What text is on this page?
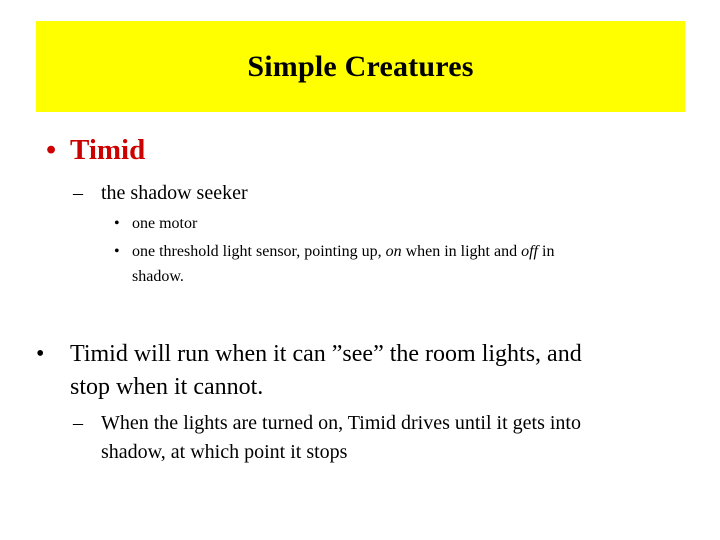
Simple Creatures
• Timid
– the shadow seeker
• one motor
• one threshold light sensor, pointing up, on when in light and off in
shadow.
• Timid will run when it can ”see” the room lights, and
stop when it cannot.
– When the lights are turned on, Timid drives until it gets into
shadow, at which point it stops
